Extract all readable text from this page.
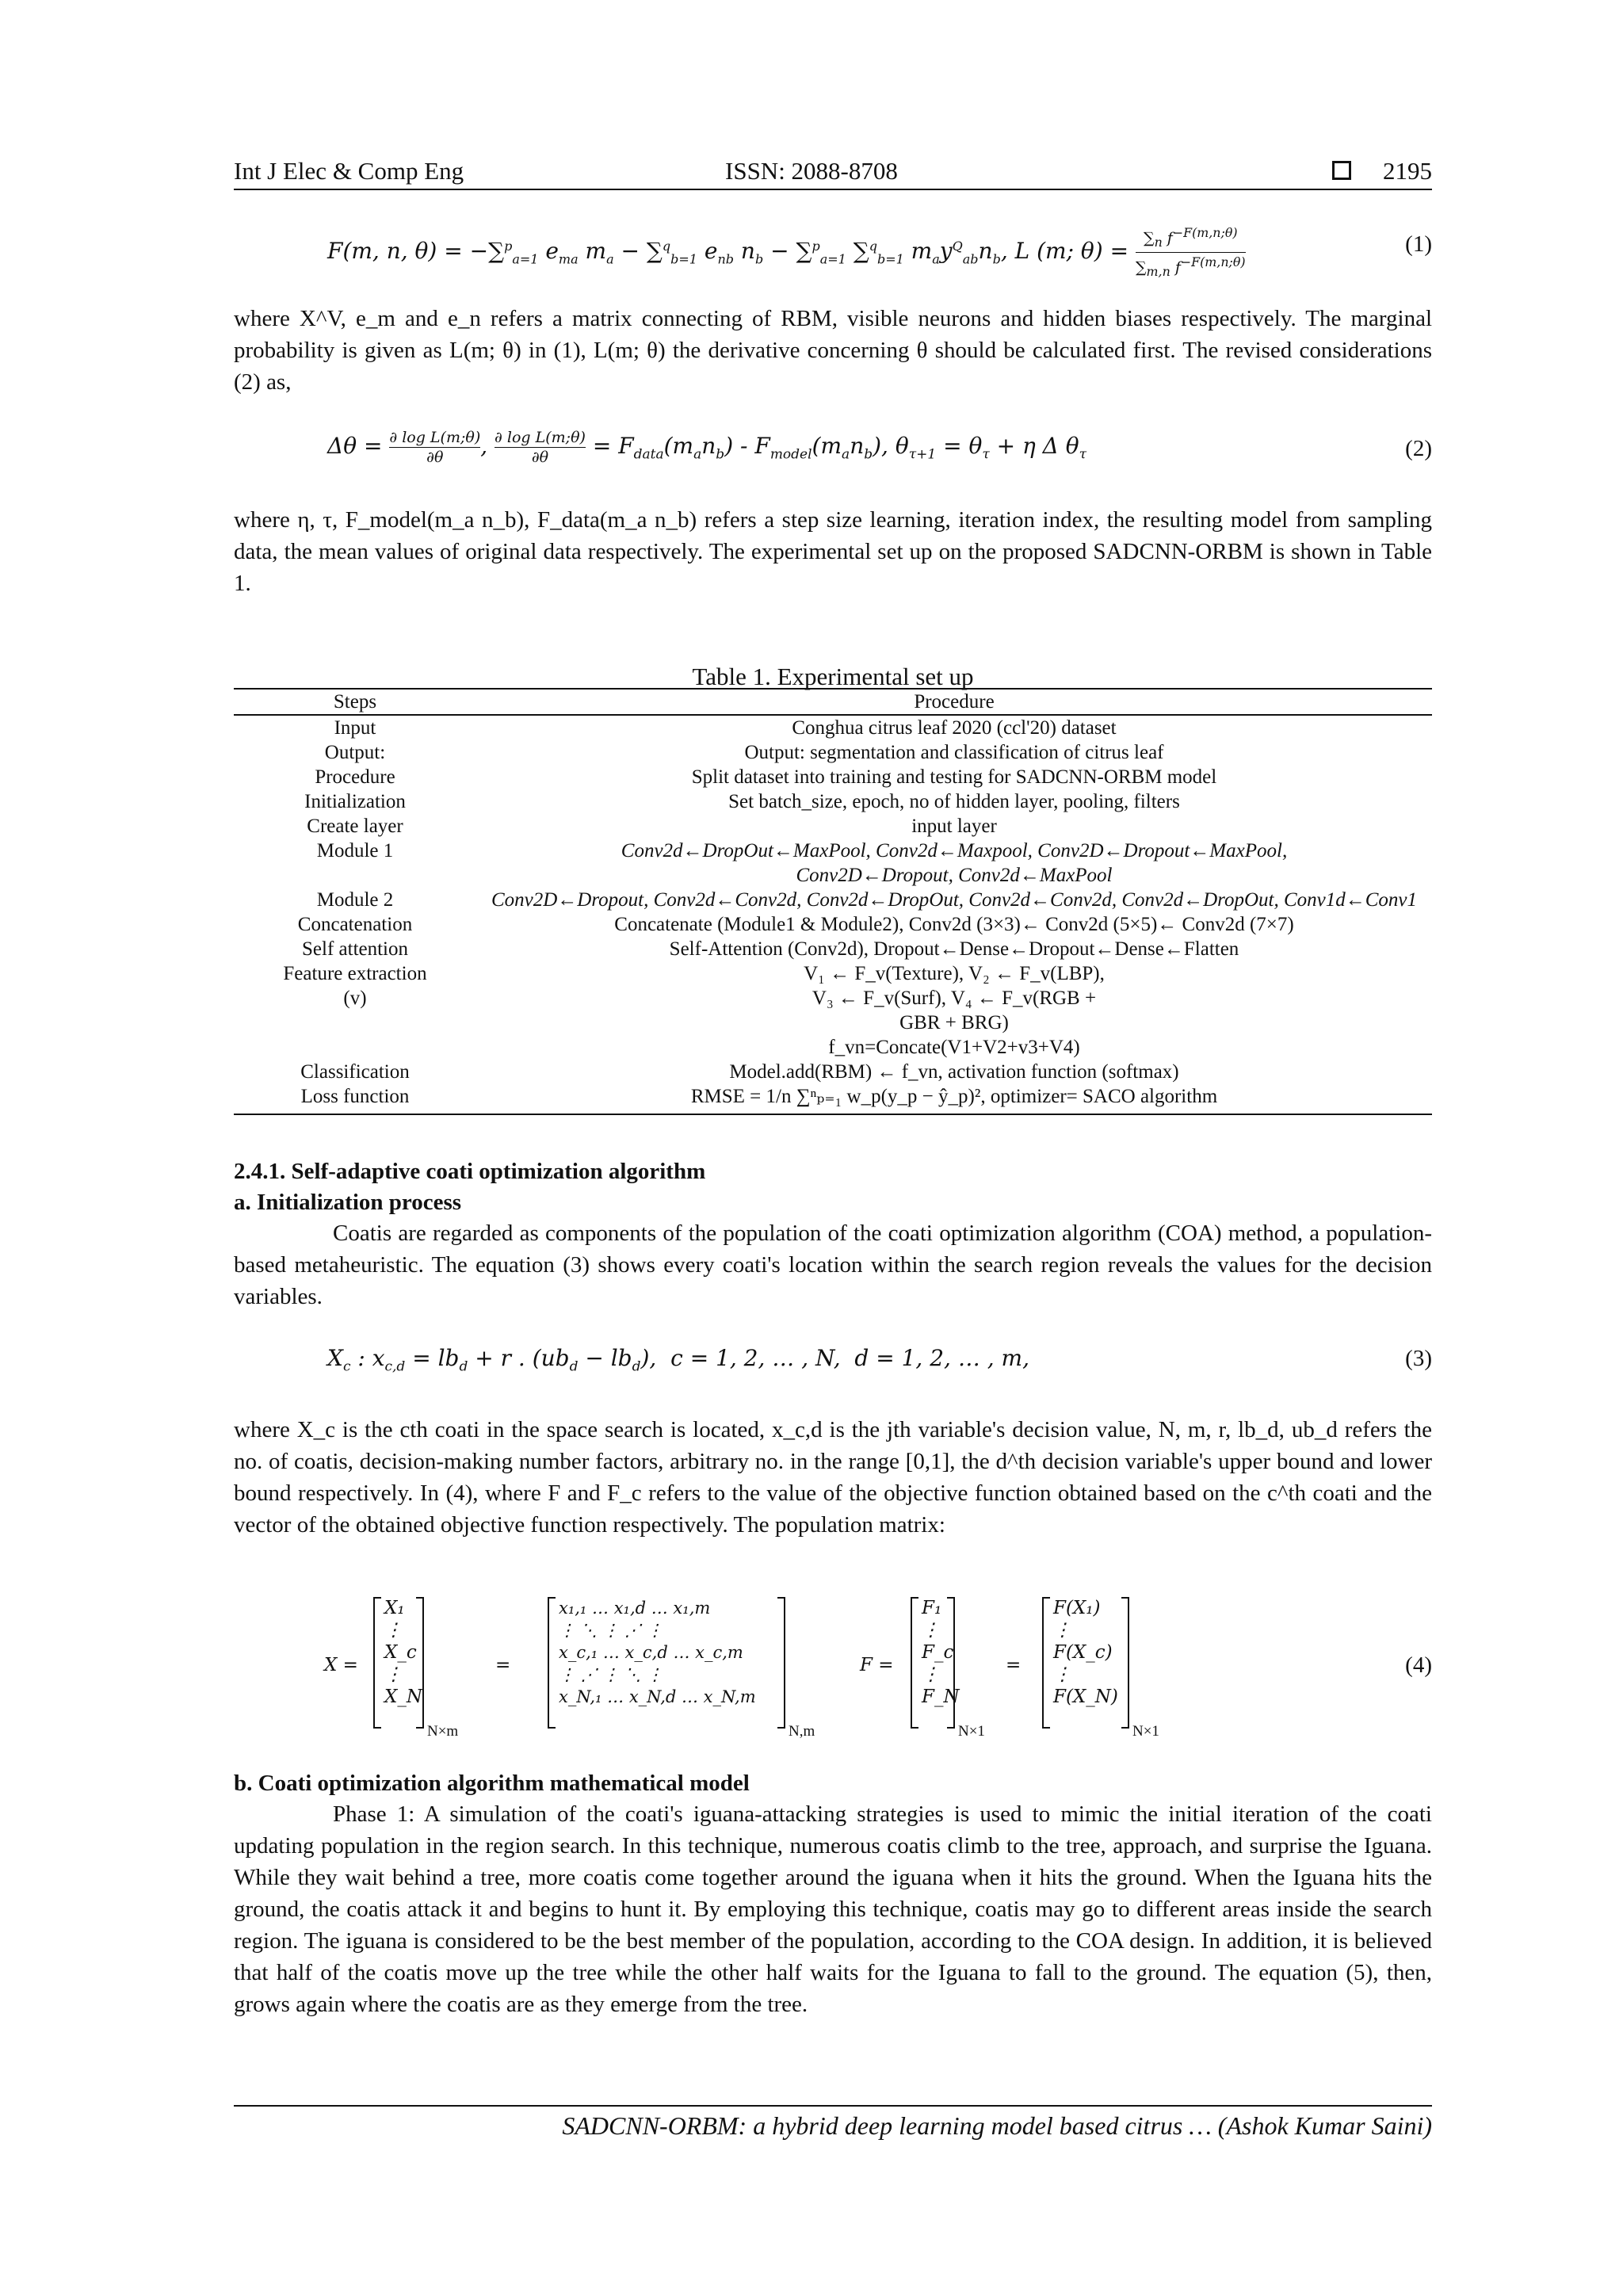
Int J Elec & Comp Eng	ISSN: 2088-8708	2195
F(m, n, θ) = −∑$^p_{a=1}$ $e_{ma}$ $m_a - \sum^q_{b=1}$ $e_{nb}$ $n_b - \sum^p_{a=1}$ ∑$^q_{b=1}$ $m_ay^Q_{ab}n_b$, L (m; $\theta) = \frac{\sum_n f^{-F(m,n;\theta)}}{\sum_{m,n} f^{-F(m,n;\theta)}}$	(1)

where X^V, e_m and e_n refers a matrix connecting of RBM, visible neurons and hidden biases respectively. The marginal probability is given as L(m; θ) in (1), L(m; θ) the derivative concerning θ should be calculated first. The revised considerations (2) as,

$\Delta\theta = \frac{\text{∂ log L(m;θ)}}{\partial\theta}$ , $\frac{\text{∂ log L(m;θ)}}{\partial\theta} = F_{data}(m_an_b) - F_{model}(m_an_b)$, $\theta_{\tau+1} = \theta_\tau + \eta$ Δ $\theta_\tau$	(2)

where η, τ, F_model(m_a n_b), F_data(m_a n_b) refers a step size learning, iteration index, the resulting model from sampling data, the mean values of original data respectively. The experimental set up on the proposed SADCNN-ORBM is shown in Table 1.

Table 1. Experimental set up
Steps	Procedure
Input	Conghua citrus leaf 2020 (ccl'20) dataset
Output:	Output: segmentation and classification of citrus leaf
Procedure	Split dataset into training and testing for SADCNN-ORBM model
Initialization	Set batch_size, epoch, no of hidden layer, pooling, filters
Create layer	input layer
Module 1	Conv2d←DropOut←MaxPool, Conv2d←Maxpool, Conv2D←Dropout←MaxPool, Conv2D←Dropout, Conv2d←MaxPool
Module 2	Conv2D←Dropout, Conv2d←Conv2d, Conv2d←DropOut, Conv2d←Conv2d, Conv2d←DropOut, Conv1d←Conv1
Concatenation	Concatenate (Module1 & Module2), Conv2d (3×3)← Conv2d (5×5)← Conv2d (7×7)
Self attention	Self-Attention (Conv2d), Dropout←Dense←Dropout←Dense←Flatten
Feature extraction (v)	V₁ ← F_v(Texture), V₂ ← F_v(LBP), V₃ ← F_v(Surf), V₄ ← F_v(RGB + GBR + BRG) f_vn=Concate(V1+V2+v3+V4)
Classification	Model.add(RBM) ← f_vn, activation function (softmax)
Loss function	RMSE = 1/n ∑ⁿₚ₌₁ w_p(y_p − ŷ_p)², optimizer= SACO algorithm
2.4.1. Self-adaptive coati optimization algorithm
a. Initialization process

Coatis are regarded as components of the population of the coati optimization algorithm (COA) method, a population-based metaheuristic. The equation (3) shows every coati's location within the search region reveals the values for the decision variables.

$X_c$ : $x_{c,d} = lb_d + r$ . $(ub_d - lb_d)$,  c = 1, 2, … , N,  d = 1, 2, … , m,	(3)

where X_c is the cth coati in the space search is located, x_c,d is the jth variable's decision value, N, m, r, lb_d, ub_d refers the no. of coatis, decision-making number factors, arbitrary no. in the range [0,1], the d^th decision variable's upper bound and lower bound respectively. In (4), where F and F_c refers to the value of the objective function obtained based on the c^th coati and the vector of the obtained objective function respectively. The population matrix:

X =
X₁
⋮
X_c
⋮
X_N
N×m
=
x₁,₁ … x₁,d … x₁,m
⋮ ⋱ ⋮ ⋰ ⋮
x_c,₁ … x_c,d … x_c,m
⋮ ⋰ ⋮ ⋱ ⋮
x_N,₁ … x_N,d … x_N,m
N,m
F =
F₁
⋮
F_c
⋮
F_N
N×1
=
F(X₁)
⋮
F(X_c)
⋮
F(X_N)
N×1
(4)
b. Coati optimization algorithm mathematical model

Phase 1: A simulation of the coati's iguana-attacking strategies is used to mimic the initial iteration of the coati updating population in the region search. In this technique, numerous coatis climb to the tree, approach, and surprise the Iguana. While they wait behind a tree, more coatis come together around the iguana when it hits the ground. When the Iguana hits the ground, the coatis attack it and begins to hunt it. By employing this technique, coatis may go to different areas inside the search region. The iguana is considered to be the best member of the population, according to the COA design. In addition, it is believed that half of the coatis move up the tree while the other half waits for the Iguana to fall to the ground. The equation (5), then, grows again where the coatis are as they emerge from the tree.

SADCNN-ORBM: a hybrid deep learning model based citrus … (Ashok Kumar Saini)
